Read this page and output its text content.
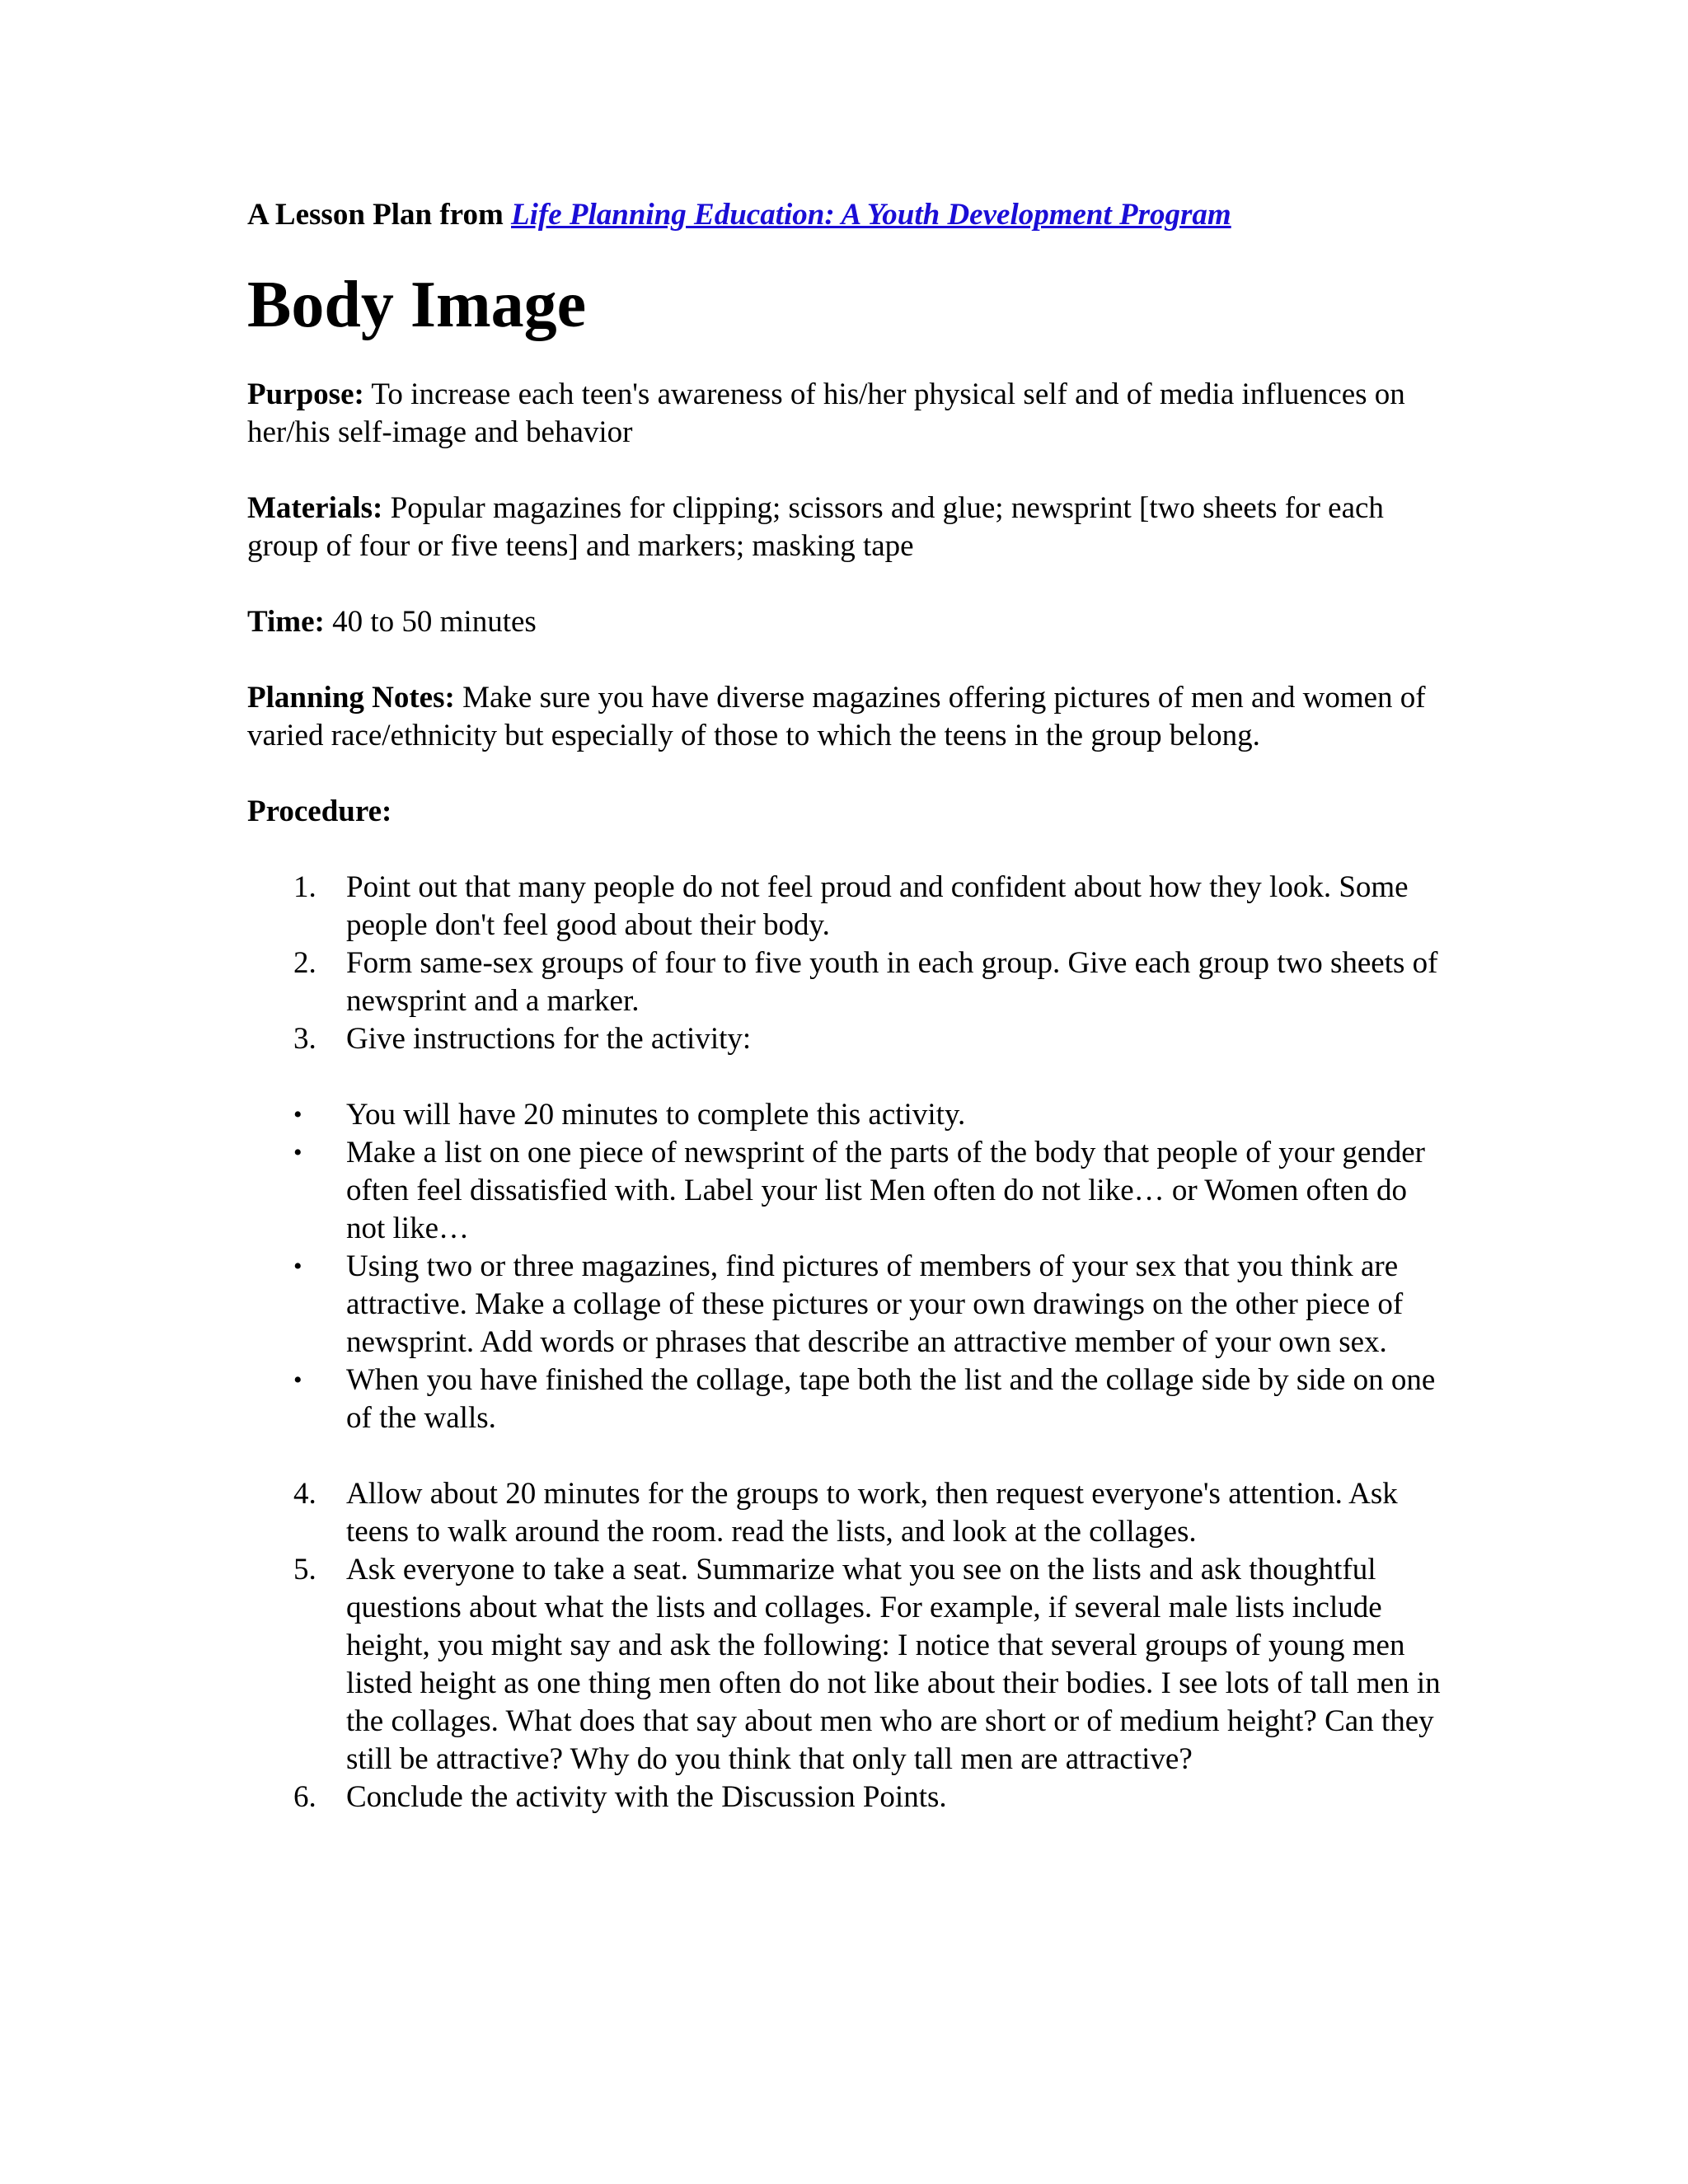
A Lesson Plan from Life Planning Education: A Youth Development Program

Body Image

Purpose: To increase each teen's awareness of his/her physical self and of media influences on her/his self-image and behavior

Materials: Popular magazines for clipping; scissors and glue; newsprint [two sheets for each group of four or five teens] and markers; masking tape

Time: 40 to 50 minutes

Planning Notes: Make sure you have diverse magazines offering pictures of men and women of varied race/ethnicity but especially of those to which the teens in the group belong.

Procedure:

1. Point out that many people do not feel proud and confident about how they look. Some people don't feel good about their body.
2. Form same-sex groups of four to five youth in each group. Give each group two sheets of newsprint and a marker.
3. Give instructions for the activity:
•	You will have 20 minutes to complete this activity.
•	Make a list on one piece of newsprint of the parts of the body that people of your gender often feel dissatisfied with. Label your list Men often do not like… or Women often do not like…
•	Using two or three magazines, find pictures of members of your sex that you think are attractive. Make a collage of these pictures or your own drawings on the other piece of newsprint. Add words or phrases that describe an attractive member of your own sex.
•	When you have finished the collage, tape both the list and the collage side by side on one of the walls.
4. Allow about 20 minutes for the groups to work, then request everyone's attention. Ask teens to walk around the room. read the lists, and look at the collages.
5. Ask everyone to take a seat. Summarize what you see on the lists and ask thoughtful questions about what the lists and collages. For example, if several male lists include height, you might say and ask the following: I notice that several groups of young men listed height as one thing men often do not like about their bodies. I see lots of tall men in the collages. What does that say about men who are short or of medium height? Can they still be attractive? Why do you think that only tall men are attractive?
6. Conclude the activity with the Discussion Points.
